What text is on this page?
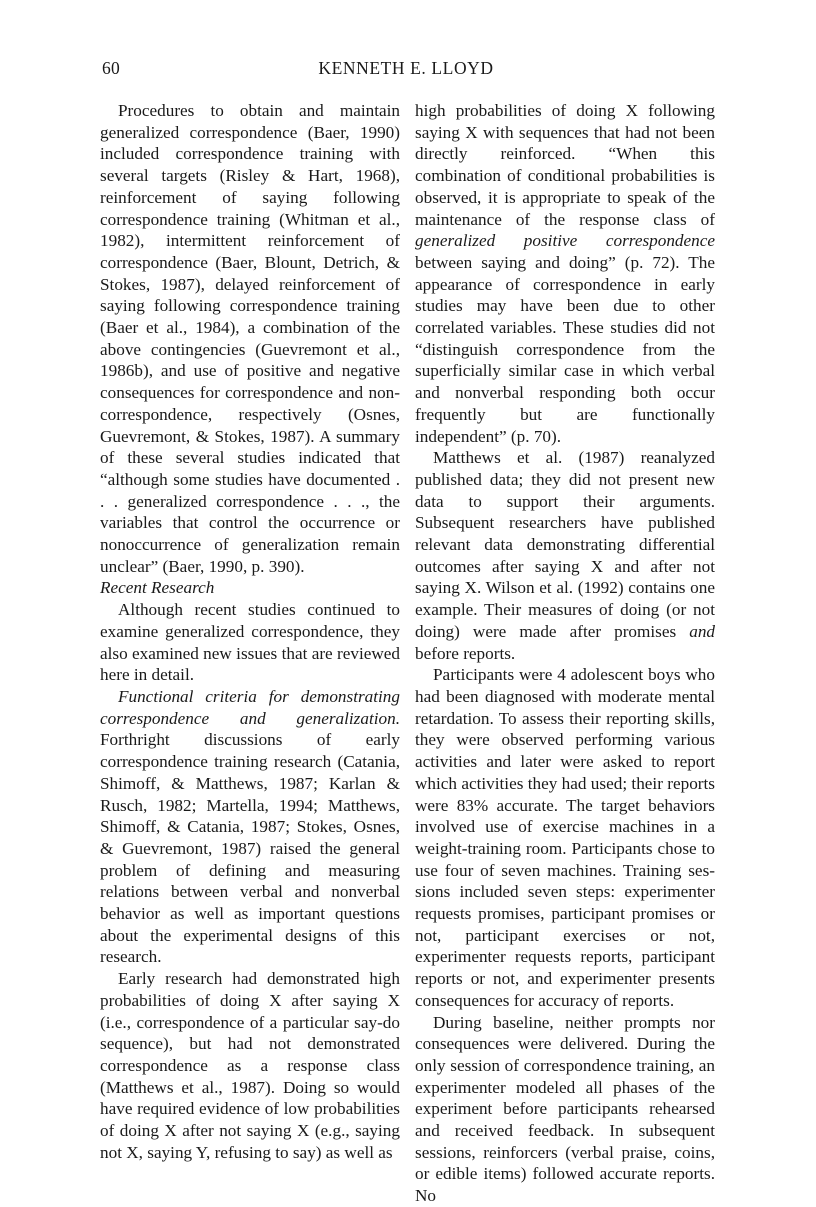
60	KENNETH E. LLOYD

Procedures to obtain and maintain generalized correspondence (Baer, 1990) included correspondence training with several targets (Risley & Hart, 1968), reinforcement of saying following correspondence training (Whitman et al., 1982), intermittent reinforcement of correspondence (Baer, Blount, Detrich, & Stokes, 1987), delayed reinforcement of saying following correspondence training (Baer et al., 1984), a combination of the above contingencies (Guevremont et al., 1986b), and use of positive and negative consequences for correspondence and noncorrespondence, respectively (Osnes, Guevremont, & Stokes, 1987). A summary of these several studies indicated that “although some studies have documented . . . generalized correspondence . . ., the variables that control the occurrence or nonoccurrence of generalization remain unclear” (Baer, 1990, p. 390).

Recent Research

Although recent studies continued to examine generalized correspondence, they also examined new issues that are reviewed here in detail.

Functional criteria for demonstrating correspondence and generalization. Forthright discussions of early correspondence training research (Catania, Shimoff, & Matthews, 1987; Karlan & Rusch, 1982; Martella, 1994; Matthews, Shimoff, & Catania, 1987; Stokes, Osnes, & Guevremont, 1987) raised the general problem of defining and measuring relations between verbal and nonverbal behavior as well as important questions about the experimental designs of this research.

Early research had demonstrated high probabilities of doing X after saying X (i.e., correspondence of a particular say-do sequence), but had not demonstrated correspondence as a response class (Matthews et al., 1987). Doing so would have required evidence of low probabilities of doing X after not saying X (e.g., saying not X, saying Y, refusing to say) as well as

high probabilities of doing X following saying X with sequences that had not been directly reinforced. “When this combination of conditional probabilities is observed, it is appropriate to speak of the maintenance of the response class of generalized positive correspondence between saying and doing” (p. 72). The appearance of correspondence in early studies may have been due to other correlated variables. These studies did not “distinguish correspondence from the superficially similar case in which verbal and nonverbal responding both occur frequently but are functionally independent” (p. 70).

Matthews et al. (1987) reanalyzed published data; they did not present new data to support their arguments. Subsequent researchers have published relevant data demonstrating differential outcomes after saying X and after not saying X. Wilson et al. (1992) contains one example. Their measures of doing (or not doing) were made after promises and before reports.

Participants were 4 adolescent boys who had been diagnosed with moderate mental retardation. To assess their reporting skills, they were observed performing various activities and later were asked to report which activities they had used; their reports were 83% accurate. The target behaviors involved use of exercise machines in a weight-training room. Participants chose to use four of seven machines. Training sessions included seven steps: experimenter requests promises, participant promises or not, participant exercises or not, experimenter requests reports, participant reports or not, and experimenter presents consequences for accuracy of reports.

During baseline, neither prompts nor consequences were delivered. During the only session of correspondence training, an experimenter modeled all phases of the experiment before participants rehearsed and received feedback. In subsequent sessions, reinforcers (verbal praise, coins, or edible items) followed accurate reports. No
